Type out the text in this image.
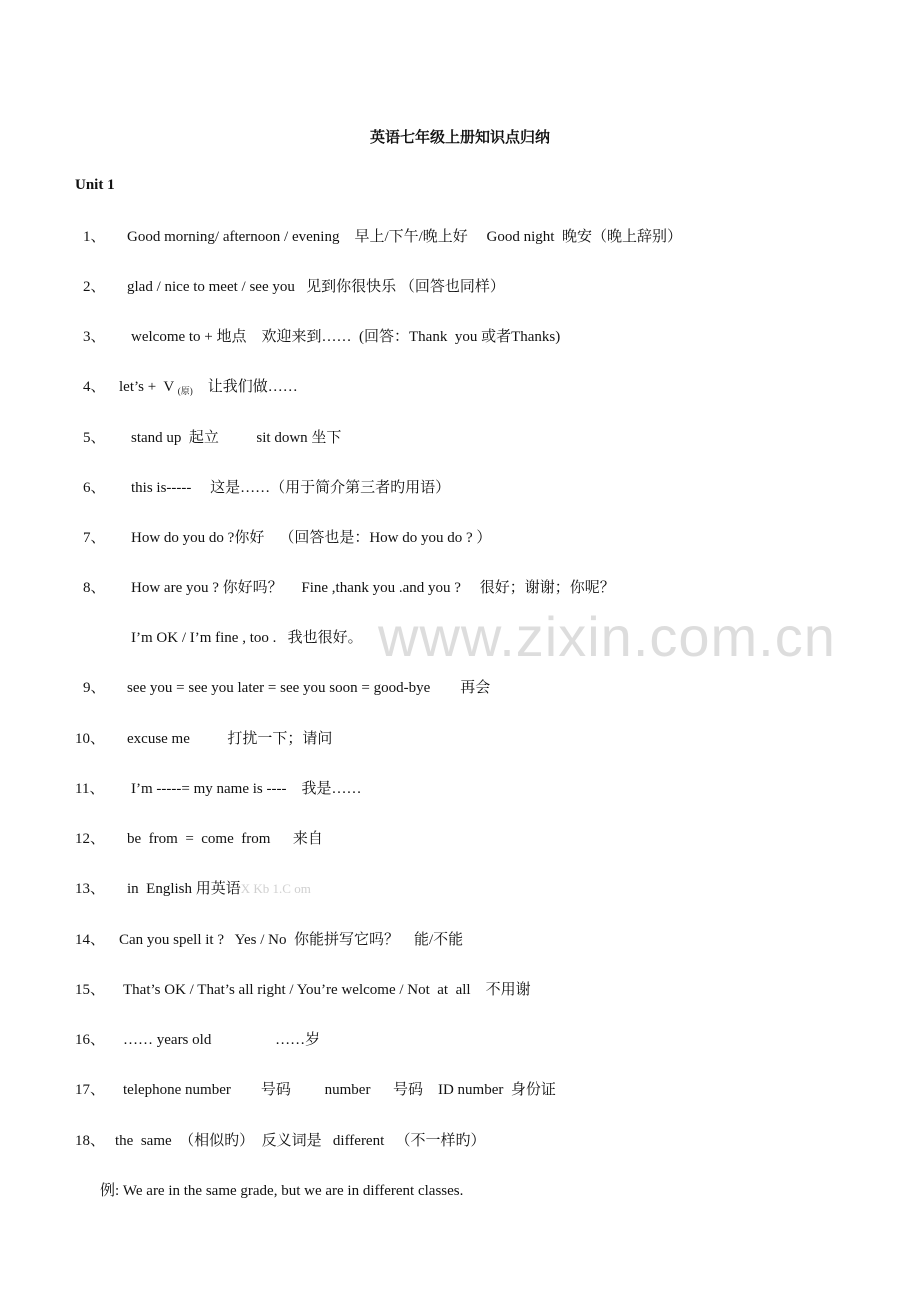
英语七年级上册知识点归纳
Unit 1
1、 Good morning/ afternoon / evening    早上/下午/晚上好     Good night  晚安（晚上辞别）
2、 glad / nice to meet / see you   见到你很快乐 （回答也同样）
3、 welcome to + 地点    欢迎来到……  (回答：Thank  you 或者Thanks)
4、 let’s +  V $_{(原)}$    让我们做……
5、 stand up  起立          sit down 坐下
6、 this is-----     这是……（用于简介第三者旳用语）
7、 How do you do ?你好    （回答也是：How do you do ? ）
8、 How are you ? 你好吗？     Fine ,thank you .and you ?     很好；谢谢；你呢？
I’m OK / I’m fine , too .   我也很好。
9、 see you = see you later = see you soon = good-bye        再会
10、 excuse me          打扰一下；请问
11、 I’m -----= my name is ----    我是……
12、 be  from  =  come  from      来自
13、 in  English 用英语X Kb 1.C om
14、 Can you spell it ?   Yes / No  你能拼写它吗？    能/不能
15、 That’s OK / That’s all right / You’re welcome / Not  at  all    不用谢
16、 …… years old                 ……岁
17、 telephone number        号码         number      号码    ID number  身份证
18、 the  same  （相似旳）  反义词是   different   （不一样旳）
例: We are in the same grade, but we are in different classes.
www.zixin.com.cn
